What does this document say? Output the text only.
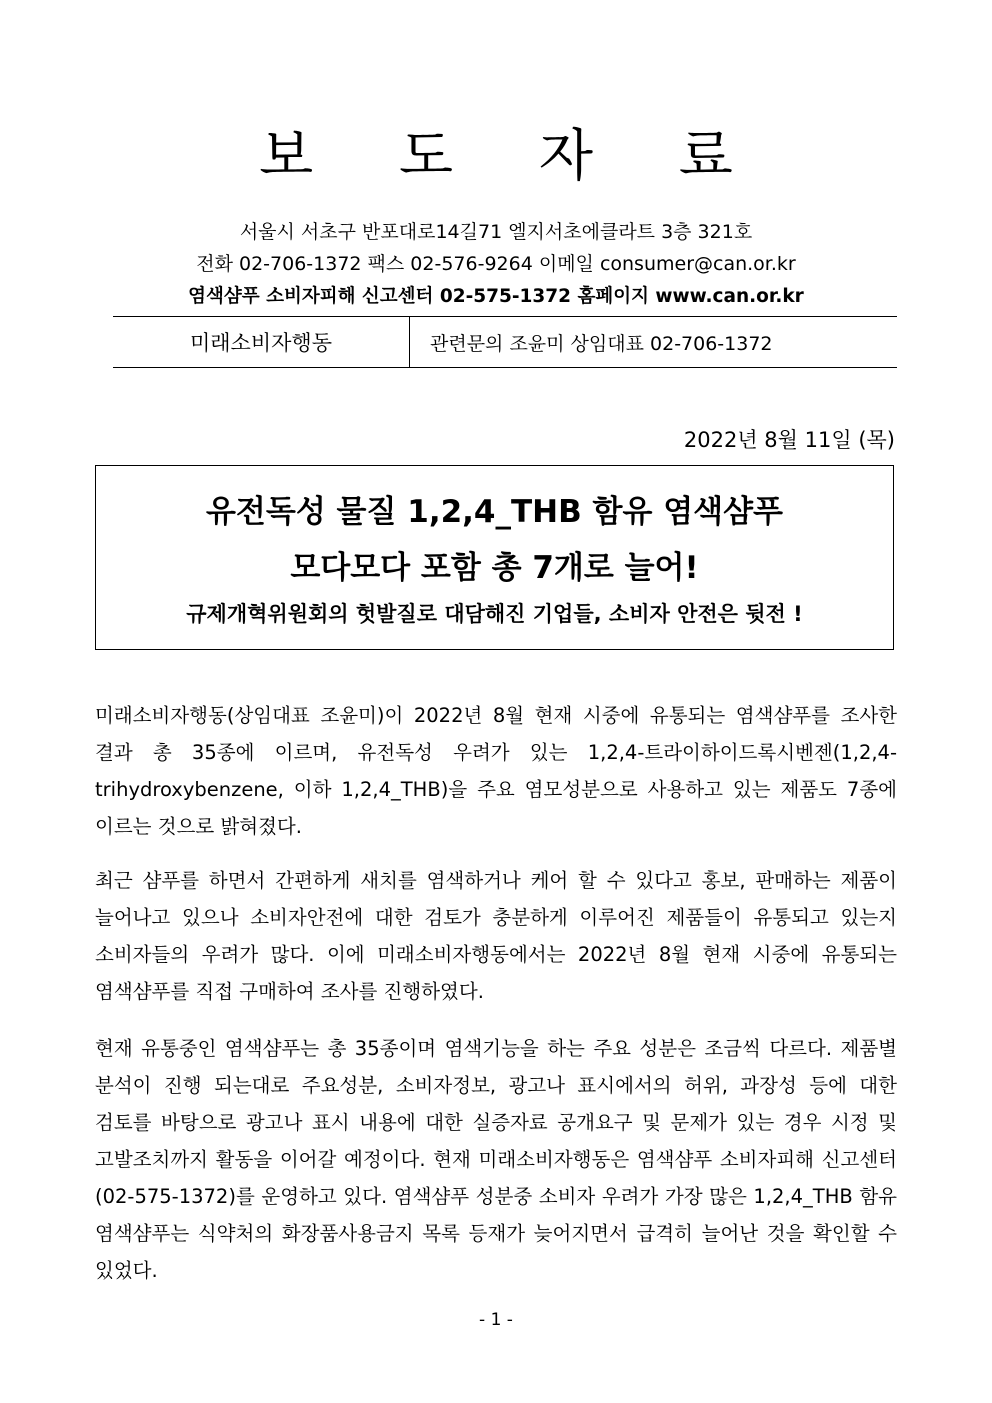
보 도 자 료
서울시 서초구 반포대로14길71 엘지서초에클라트 3층 321호
전화 02-706-1372 팩스 02-576-9264 이메일 consumer@can.or.kr
염색샴푸 소비자피해 신고센터 02-575-1372 홈페이지 www.can.or.kr
미래소비자행동	관련문의 조윤미 상임대표 02-706-1372
2022년 8월 11일 (목)
유전독성 물질 1,2,4_THB 함유 염색샴푸
모다모다 포함 총 7개로 늘어!
규제개혁위원회의 헛발질로 대담해진 기업들, 소비자 안전은 뒷전 !

미래소비자행동(상임대표 조윤미)이 2022년 8월 현재 시중에 유통되는 염색샴푸를 조사한 결과 총 35종에 이르며, 유전독성 우려가 있는 1,2,4-트라이하이드록시벤젠(1,2,4-trihydroxybenzene, 이하 1,2,4_THB)을 주요 염모성분으로 사용하고 있는 제품도 7종에 이르는 것으로 밝혀졌다.

최근 샴푸를 하면서 간편하게 새치를 염색하거나 케어 할 수 있다고 홍보, 판매하는 제품이 늘어나고 있으나 소비자안전에 대한 검토가 충분하게 이루어진 제품들이 유통되고 있는지 소비자들의 우려가 많다. 이에 미래소비자행동에서는 2022년 8월 현재 시중에 유통되는 염색샴푸를 직접 구매하여 조사를 진행하였다.

현재 유통중인 염색샴푸는 총 35종이며 염색기능을 하는 주요 성분은 조금씩 다르다. 제품별 분석이 진행 되는대로 주요성분, 소비자정보, 광고나 표시에서의 허위, 과장성 등에 대한 검토를 바탕으로 광고나 표시 내용에 대한 실증자료 공개요구 및 문제가 있는 경우 시정 및 고발조치까지 활동을 이어갈 예정이다. 현재 미래소비자행동은 염색샴푸 소비자피해 신고센터(02-575-1372)를 운영하고 있다. 염색샴푸 성분중 소비자 우려가 가장 많은 1,2,4_THB 함유 염색샴푸는 식약처의 화장품사용금지 목록 등재가 늦어지면서 급격히 늘어난 것을 확인할 수 있었다.

- 1 -
